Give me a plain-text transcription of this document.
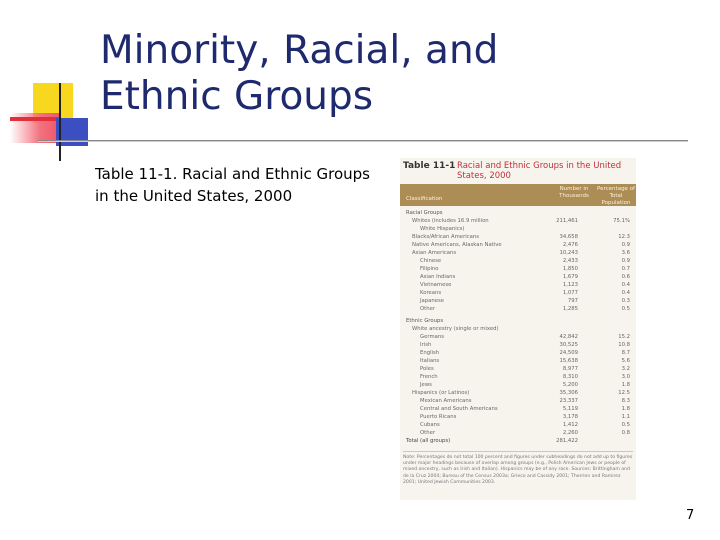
Minority, Racial, and
Ethnic Groups
Table 11-1. Racial and Ethnic Groups in the United States, 2000
Table 11-1 Racial and Ethnic Groups in the United States, 2000
Classification
Number in Thousands
Percentage of Total Population
Racial Groups
Whites (includes 16.9 million	211,461	75.1%
White Hispanics)
Blacks/African Americans	34,658	12.3
Native Americans, Alaskan Native	2,476	0.9
Asian Americans	10,243	3.6
Chinese	2,433	0.9
Filipino	1,850	0.7
Asian Indians	1,679	0.6
Vietnamese	1,123	0.4
Koreans	1,077	0.4
Japanese	797	0.3
Other	1,285	0.5
Ethnic Groups
White ancestry (single or mixed)
Germans	42,842	15.2
Irish	30,525	10.8
English	24,509	8.7
Italians	15,638	5.6
Poles	8,977	3.2
French	8,310	3.0
Jews	5,200	1.8
Hispanics (or Latinos)	35,306	12.5
Mexican Americans	23,337	8.3
Central and South Americans	5,119	1.8
Puerto Ricans	3,178	1.1
Cubans	1,412	0.5
Other	2,260	0.8
Total (all groups)	281,422
Note: Percentages do not total 100 percent and figures under subheadings do not add up to figures under major headings because of overlap among groups (e.g., Polish American Jews or people of mixed ancestry, such as Irish and Italian). Hispanics may be of any race. Sources: Brittingham and de la Cruz 2004; Bureau of the Census 2003a; Grieco and Cassidy 2001; Therrien and Ramirez 2001; United Jewish Communities 2003.
7
